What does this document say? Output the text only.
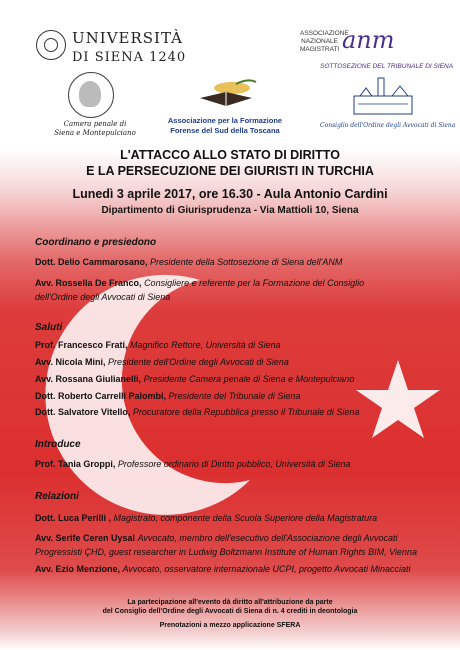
UNIVERSITÀ
DI SIENA 1240
ASSOCIAZIONE
NAZIONALE
MAGISTRATI anm
SOTTOSEZIONE DEL TRIBUNALE DI SIENA
Camera penale di
Siena e Montepulciano
Associazione per la Formazione
Forense del Sud della Toscana
Consiglio dell'Ordine degli Avvocati di Siena
L'ATTACCO ALLO STATO DI DIRITTO
E LA PERSECUZIONE DEI GIURISTI IN TURCHIA
Lunedì 3 aprile 2017, ore 16.30 - Aula Antonio Cardini
Dipartimento di Giurisprudenza - Via Mattioli 10, Siena
Coordinano e presiedono
Dott. Delio Cammarosano, Presidente della Sottosezione di Siena dell'ANM
Avv. Rossella De Franco, Consigliere e referente per la Formazione del Consiglio
dell'Ordine degli Avvocati di Siena
Saluti
Prof. Francesco Frati, Magnifico Rettore, Università di Siena
Avv. Nicola Mini, Presidente dell'Ordine degli Avvocati di Siena
Avv. Rossana Giulianelli, Presidente Camera penale di Siena e Montepulciano
Dott. Roberto Carrelli Palombi, Presidente del Tribunale di Siena
Dott. Salvatore Vitello, Procuratore della Repubblica presso il Tribunale di Siena
Introduce
Prof. Tania Groppi, Professore ordinario di Diritto pubblico, Università di Siena
Relazioni
Dott. Luca Perilli , Magistrato, componente della Scuola Superiore della Magistratura
Avv. Serife Ceren Uysal Avvocato, membro dell'esecutivo dell'Associazione degli Avvocati
Progressisti ÇHD, guest researcher in Ludwig Boltzmann Institute of Human Rights BIM, Vienna
Avv. Ezio Menzione, Avvocato, osservatore internazionale UCPI, progetto Avvocati Minacciati
La partecipazione all'evento dà diritto all'attribuzione da parte
del Consiglio dell'Ordine degli Avvocati di Siena di n. 4 crediti in deontologia
Prenotazioni a mezzo applicazione SFERA
